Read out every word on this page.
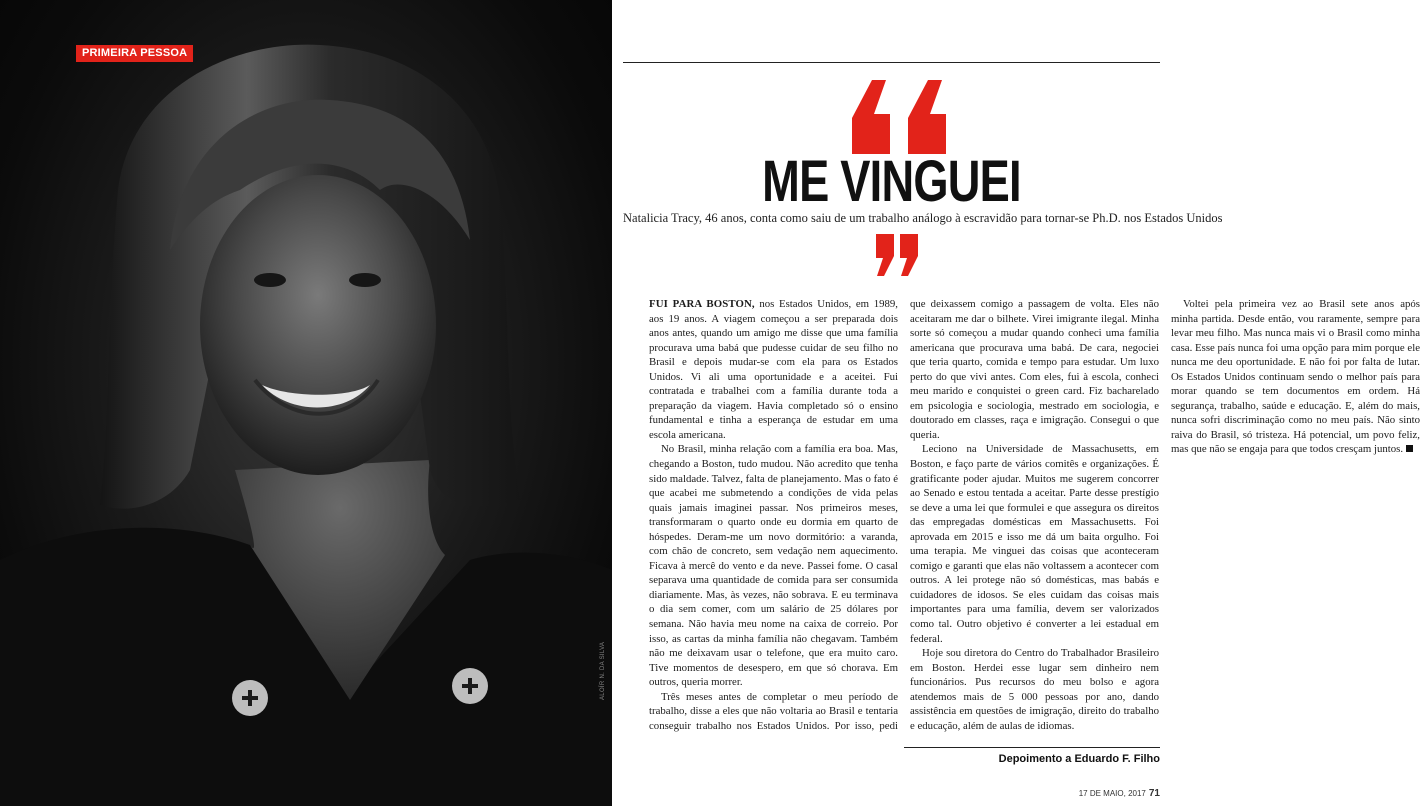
PRIMEIRA PESSOA
ALOÍR N. DA SILVA
ME VINGUEI
Natalicia Tracy, 46 anos, conta como saiu de um trabalho análogo à escravidão para tornar-se Ph.D. nos Estados Unidos

FUI PARA BOSTON, nos Estados Unidos, em 1989, aos 19 anos. A viagem começou a ser preparada dois anos antes, quando um amigo me disse que uma família procurava uma babá que pudesse cuidar de seu filho no Brasil e depois mudar-se com ela para os Estados Unidos. Vi ali uma oportunidade e a aceitei. Fui contratada e trabalhei com a família durante toda a preparação da viagem. Havia completado só o ensino fundamental e tinha a esperança de estudar em uma escola americana.

No Brasil, minha relação com a família era boa. Mas, chegando a Boston, tudo mudou. Não acredito que tenha sido maldade. Talvez, falta de planejamento. Mas o fato é que acabei me submetendo a condições de vida pelas quais jamais imaginei passar. Nos primeiros meses, transformaram o quarto onde eu dormia em quarto de hóspedes. Deram-me um novo dormitório: a varanda, com chão de concreto, sem vedação nem aquecimento. Ficava à mercê do vento e da neve. Passei fome. O casal separava uma quantidade de comida para ser consumida diariamente. Mas, às vezes, não sobrava. E eu terminava o dia sem comer, com um salário de 25 dólares por semana. Não havia meu nome na caixa de correio. Por isso, as cartas da minha família não chegavam. Também não me deixavam usar o telefone, que era muito caro. Tive momentos de desespero, em que só chorava. Em outros, queria morrer.

Três meses antes de completar o meu período de trabalho, disse a eles que não voltaria ao Brasil e tentaria conseguir trabalho nos Estados Unidos. Por isso, pedi que deixassem comigo a passagem de volta. Eles não aceitaram me dar o bilhete. Virei imigrante ilegal. Minha sorte só começou a mudar quando conheci uma família americana que procurava uma babá. De cara, negociei que teria quarto, comida e tempo para estudar. Um luxo perto do que vivi antes. Com eles, fui à escola, conheci meu marido e conquistei o green card. Fiz bacharelado em psicologia e sociologia, mestrado em sociologia, e doutorado em classes, raça e imigração. Consegui o que queria.

Leciono na Universidade de Massachusetts, em Boston, e faço parte de vários comitês e organizações. É gratificante poder ajudar. Muitos me sugerem concorrer ao Senado e estou tentada a aceitar. Parte desse prestígio se deve a uma lei que formulei e que assegura os direitos das empregadas domésticas em Massachusetts. Foi aprovada em 2015 e isso me dá um baita orgulho. Foi uma terapia. Me vinguei das coisas que aconteceram comigo e garanti que elas não voltassem a acontecer com outros. A lei protege não só domésticas, mas babás e cuidadores de idosos. Se eles cuidam das coisas mais importantes para uma família, devem ser valorizados como tal. Outro objetivo é converter a lei estadual em federal.

Hoje sou diretora do Centro do Trabalhador Brasileiro em Boston. Herdei esse lugar sem dinheiro nem funcionários. Pus recursos do meu bolso e agora atendemos mais de 5 000 pessoas por ano, dando assistência em questões de imigração, direito do trabalho e educação, além de aulas de idiomas.

Voltei pela primeira vez ao Brasil sete anos após minha partida. Desde então, vou raramente, sempre para levar meu filho. Mas nunca mais vi o Brasil como minha casa. Esse país nunca foi uma opção para mim porque ele nunca me deu oportunidade. E não foi por falta de lutar. Os Estados Unidos continuam sendo o melhor país para morar quando se tem documentos em ordem. Há segurança, trabalho, saúde e educação. E, além do mais, nunca sofri discriminação como no meu país. Não sinto raiva do Brasil, só tristeza. Há potencial, um povo feliz, mas que não se engaja para que todos cresçam juntos.

Depoimento a Eduardo F. Filho
17 DE MAIO, 2017 71
